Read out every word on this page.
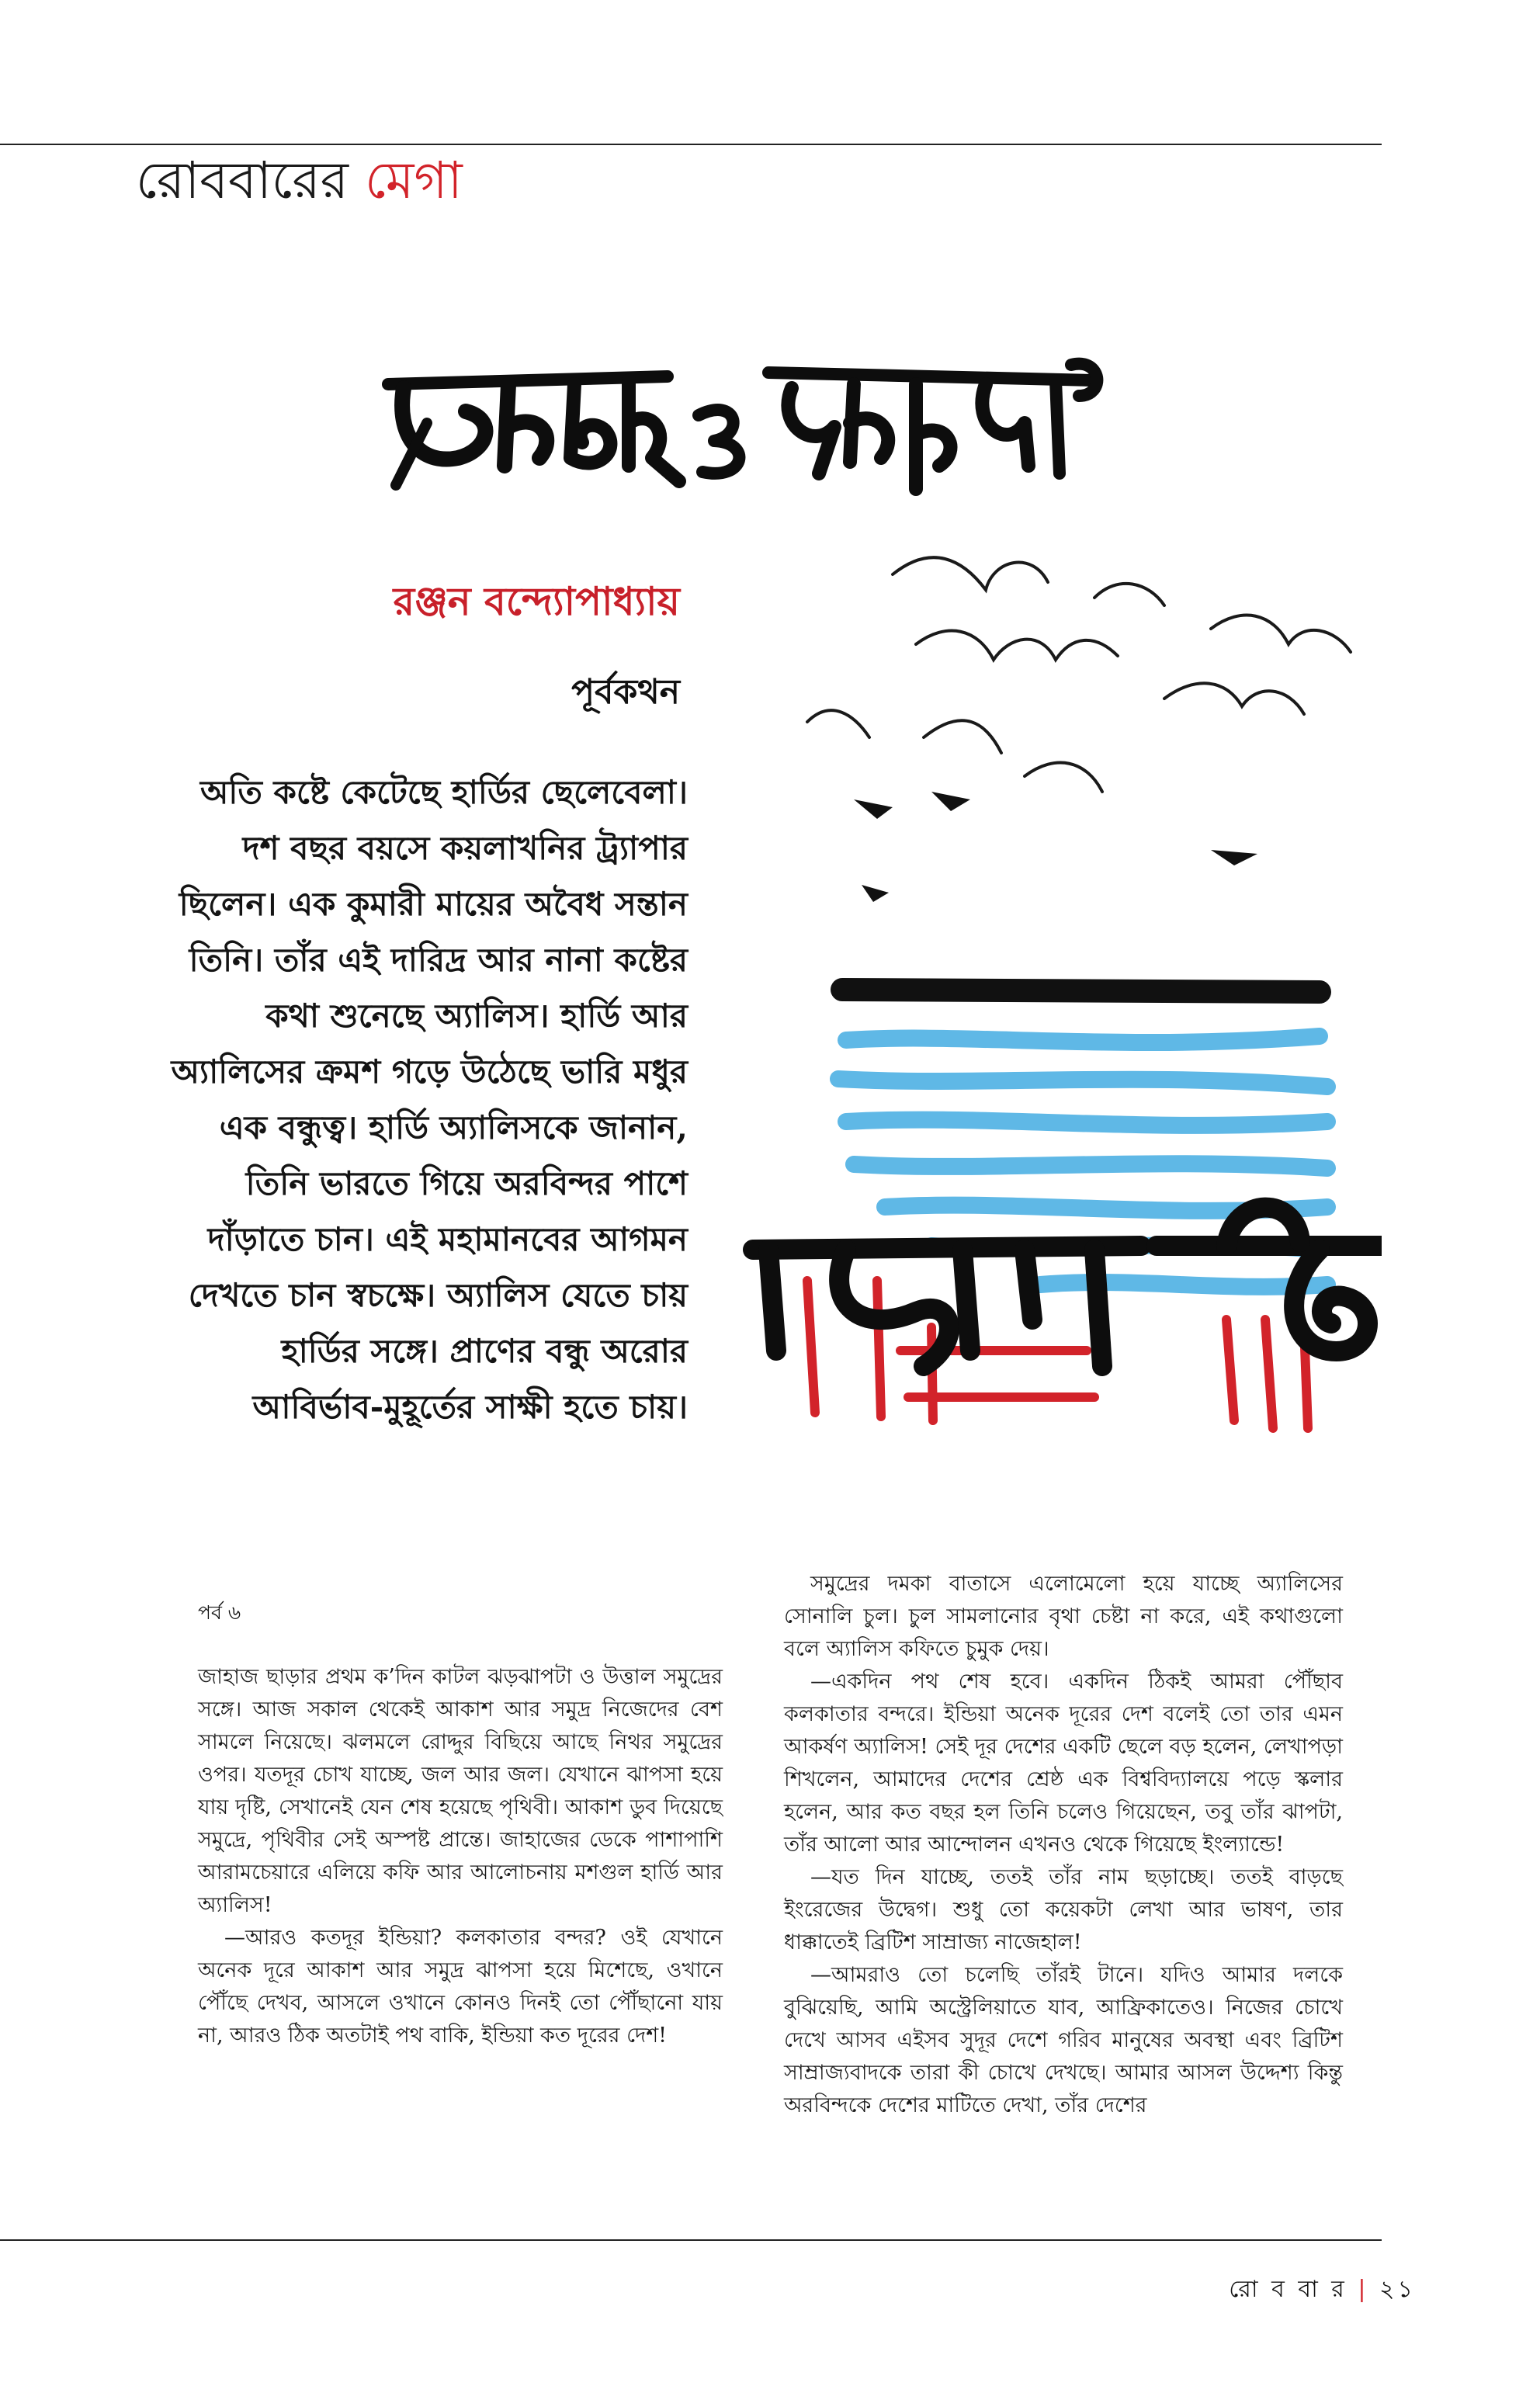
রোববারের মেগা
রঞ্জন বন্দ্যোপাধ্যায়
পূর্বকথন

অতি কষ্টে কেটেছে হার্ডির ছেলেবেলা। দশ বছর বয়সে কয়লাখনির ট্র্যাপার ছিলেন। এক কুমারী মায়ের অবৈধ সন্তান তিনি। তাঁর এই দারিদ্র আর নানা কষ্টের কথা শুনেছে অ্যালিস। হার্ডি আর অ্যালিসের ক্রমশ গড়ে উঠেছে ভারি মধুর এক বন্ধুত্ব। হার্ডি অ্যালিসকে জানান, তিনি ভারতে গিয়ে অরবিন্দর পাশে দাঁড়াতে চান। এই মহামানবের আগমন দেখতে চান স্বচক্ষে। অ্যালিস যেতে চায় হার্ডির সঙ্গে। প্রাণের বন্ধু অরোর আবির্ভাব-মুহূর্তের সাক্ষী হতে চায়।

পর্ব ৬

জাহাজ ছাড়ার প্রথম ক’দিন কাটল ঝড়ঝাপটা ও উত্তাল সমুদ্রের সঙ্গে। আজ সকাল থেকেই আকাশ আর সমুদ্র নিজেদের বেশ সামলে নিয়েছে। ঝলমলে রোদ্দুর বিছিয়ে আছে নিথর সমুদ্রের ওপর। যতদূর চোখ যাচ্ছে, জল আর জল। যেখানে ঝাপসা হয়ে যায় দৃষ্টি, সেখানেই যেন শেষ হয়েছে পৃথিবী। আকাশ ডুব দিয়েছে সমুদ্রে, পৃথিবীর সেই অস্পষ্ট প্রান্তে। জাহাজের ডেকে পাশাপাশি আরামচেয়ারে এলিয়ে কফি আর আলোচনায় মশগুল হার্ডি আর অ্যালিস!

—আরও কতদূর ইন্ডিয়া? কলকাতার বন্দর? ওই যেখানে অনেক দূরে আকাশ আর সমুদ্র ঝাপসা হয়ে মিশেছে, ওখানে পৌঁছে দেখব, আসলে ওখানে কোনও দিনই তো পৌঁছানো যায় না, আরও ঠিক অতটাই পথ বাকি, ইন্ডিয়া কত দূরের দেশ!

সমুদ্রের দমকা বাতাসে এলোমেলো হয়ে যাচ্ছে অ্যালিসের সোনালি চুল। চুল সামলানোর বৃথা চেষ্টা না করে, এই কথাগুলো বলে অ্যালিস কফিতে চুমুক দেয়।

—একদিন পথ শেষ হবে। একদিন ঠিকই আমরা পৌঁছাব কলকাতার বন্দরে। ইন্ডিয়া অনেক দূরের দেশ বলেই তো তার এমন আকর্ষণ অ্যালিস! সেই দূর দেশের একটি ছেলে বড় হলেন, লেখাপড়া শিখলেন, আমাদের দেশের শ্রেষ্ঠ এক বিশ্ববিদ্যালয়ে পড়ে স্কলার হলেন, আর কত বছর হল তিনি চলেও গিয়েছেন, তবু তাঁর ঝাপটা, তাঁর আলো আর আন্দোলন এখনও থেকে গিয়েছে ইংল্যান্ডে!

—যত দিন যাচ্ছে, ততই তাঁর নাম ছড়াচ্ছে। ততই বাড়ছে ইংরেজের উদ্বেগ। শুধু তো কয়েকটা লেখা আর ভাষণ, তার ধাক্কাতেই ব্রিটিশ সাম্রাজ্য নাজেহাল!

—আমরাও তো চলেছি তাঁরই টানে। যদিও আমার দলকে বুঝিয়েছি, আমি অস্ট্রেলিয়াতে যাব, আফ্রিকাতেও। নিজের চোখে দেখে আসব এইসব সুদূর দেশে গরিব মানুষের অবস্থা এবং ব্রিটিশ সাম্রাজ্যবাদকে তারা কী চোখে দেখছে। আমার আসল উদ্দেশ্য কিন্তু অরবিন্দকে দেশের মাটিতে দেখা, তাঁর দেশের

রো ব বা র | ২১
